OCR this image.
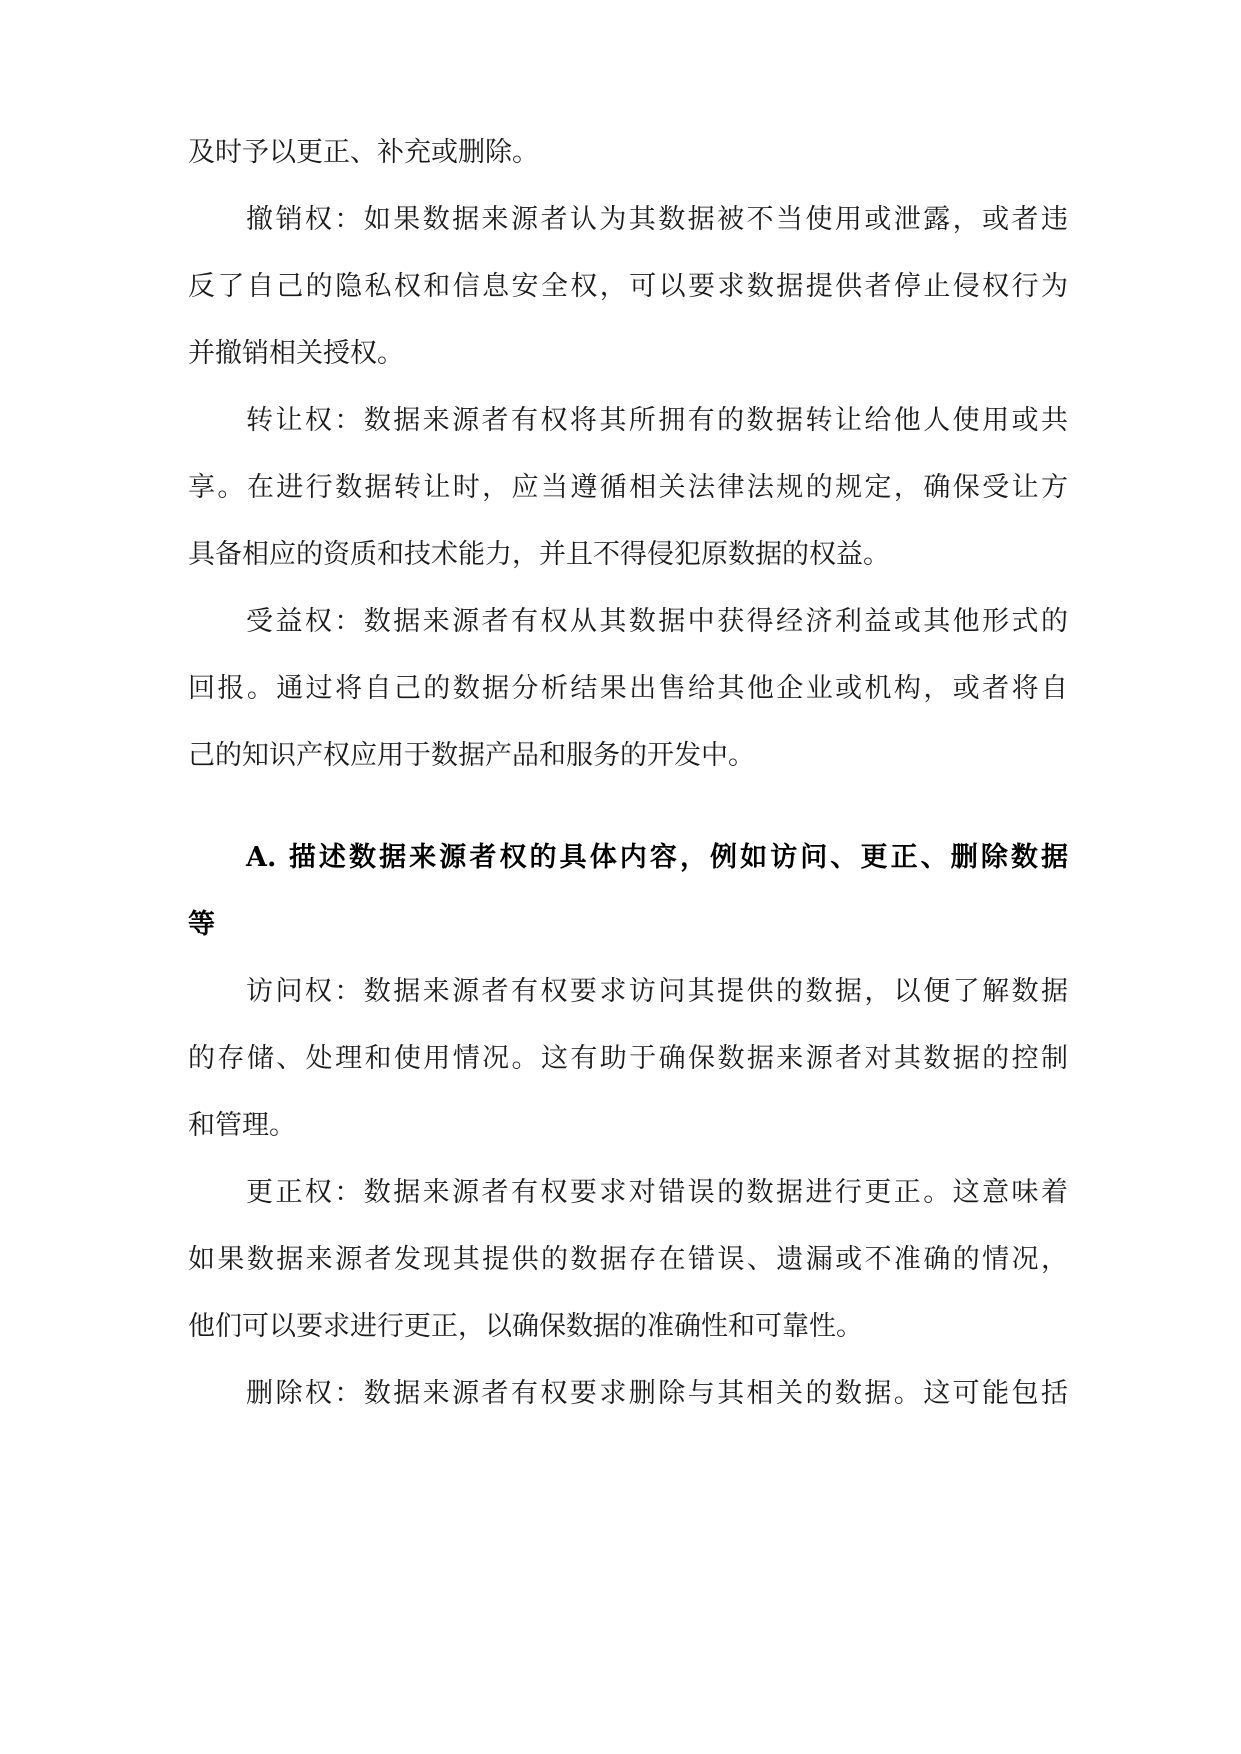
及时予以更正、补充或删除。
撤销权：如果数据来源者认为其数据被不当使用或泄露，或者违
反了自己的隐私权和信息安全权，可以要求数据提供者停止侵权行为
并撤销相关授权。
转让权：数据来源者有权将其所拥有的数据转让给他人使用或共
享。在进行数据转让时，应当遵循相关法律法规的规定，确保受让方
具备相应的资质和技术能力，并且不得侵犯原数据的权益。
受益权：数据来源者有权从其数据中获得经济利益或其他形式的
回报。通过将自己的数据分析结果出售给其他企业或机构，或者将自
己的知识产权应用于数据产品和服务的开发中。
A. 描述数据来源者权的具体内容，例如访问、更正、删除数据
等
访问权：数据来源者有权要求访问其提供的数据，以便了解数据
的存储、处理和使用情况。这有助于确保数据来源者对其数据的控制
和管理。
更正权：数据来源者有权要求对错误的数据进行更正。这意味着
如果数据来源者发现其提供的数据存在错误、遗漏或不准确的情况，
他们可以要求进行更正，以确保数据的准确性和可靠性。
删除权：数据来源者有权要求删除与其相关的数据。这可能包括
